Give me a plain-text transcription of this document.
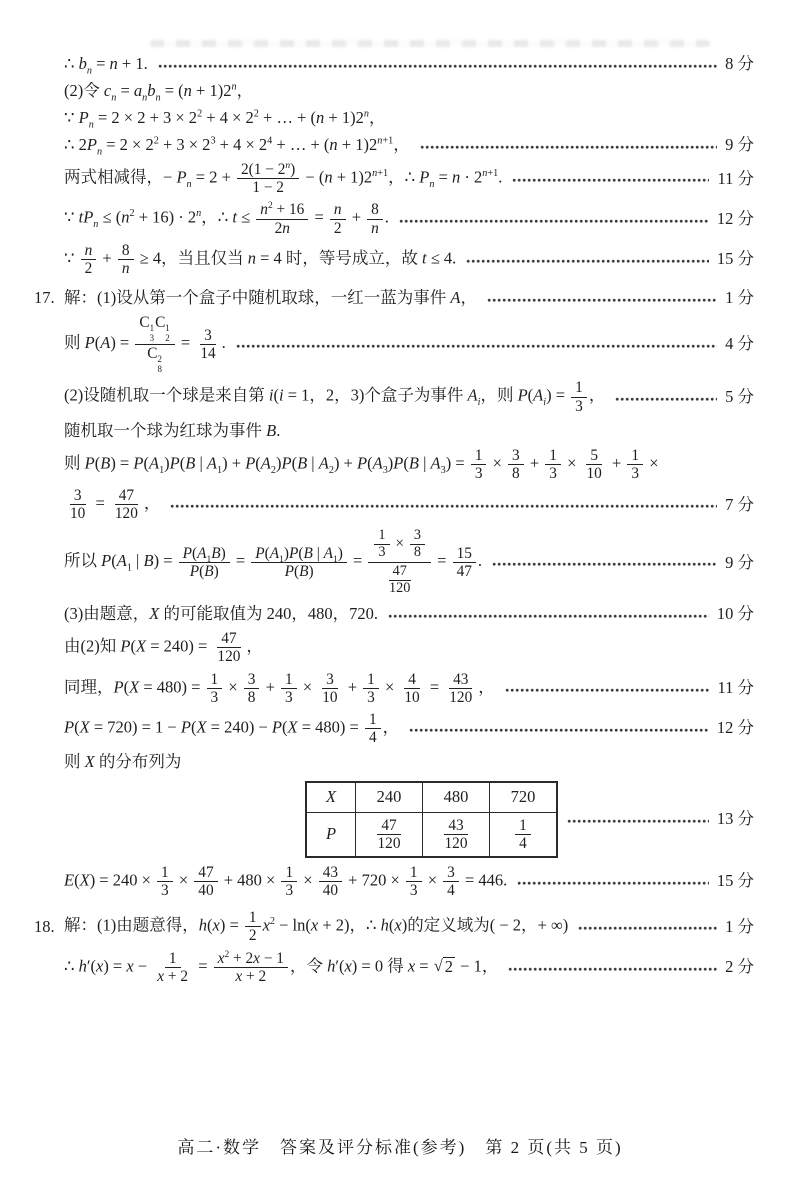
∴ $b_n = n + 1$.	8 分
(2)令 $c_n = a_nb_n = (n + 1)2^n$，
∵ $P_n = 2 \times 2 + 3 \times 2^2 + 4 \times 2^2$ + … + $(n + 1)2^n$，
∴ $2P_n = 2 \times 2^2 + 3 \times 2^3 + 4 \times 2^4$ + … + $(n + 1)2^{n+1}$，	9 分
两式相减得，− $P_n = 2 + \frac{2(1 - 2^n)}{1 - 2} - (n + 1)2^{n+1}$，∴ $P_n = n \cdot 2^{n+1}$.	11 分
∵ $tP_n \le (n^2 + 16) \cdot 2^n$，∴ $t \le \frac{n^2 + 16}{2n} = \frac{n}{2} + \frac{8}{n}$ .	12 分
∵ $\frac{n}{2} + \frac{8}{n} \ge 4$，当且仅当 n = 4 时，等号成立，故 t ≤ 4.	15 分
17. 解：(1)设从第一个盒子中随机取球，一红一蓝为事件 A，	1 分
则 P(A) = C 1
3
C 1
2
C 2
$8 = \frac{3}{14}$ .	4 分
(2)设随机取一个球是来自第 i(i = 1，2，3)个盒子为事件 $A_i$，则 $P(A_i) = \frac{1}{3}$ ，	5 分
随机取一个球为红球为事件 B.
则 $P(B) = P(A_1)P(B$ | $A_1) + P(A_2)P(B$ | $A_2) + P(A_3)P(B$ | $A_3) = \frac{1}{3} \times \frac{3}{8} + \frac{1}{3} \times \frac{5}{10} + \frac{1}{3}$ ×
$\frac{3}{10} = \frac{47}{120}$ ，	7 分
所以 $P(A_1$ | $B) = \frac{P(A_1B)}{P(B)} = \frac{P(A_1)P(B | A_1)}{P(B)} = \frac{\frac{1}{3} \times \frac{3}{8}}{\frac{47}{120}} = \frac{15}{47}$ .	9 分
(3)由题意，X 的可能取值为 240，480，720.	10 分
由(2)知 $P(X = 240) = \frac{47}{120}$ ，
同理，$P(X = 480) = \frac{1}{3} \times \frac{3}{8} + \frac{1}{3} \times \frac{3}{10} + \frac{1}{3} \times \frac{4}{10} = \frac{43}{120}$ ，	11 分
$P(X = 720) = 1 - P(X = 240) - P(X = 480) = \frac{1}{4}$ ，	12 分
则 X 的分布列为
X	240	480	720
P	$\frac{47}{120}$	$\frac{43}{120}$	$\frac{1}{4}$	13 分
$E(X) = 240 \times \frac{1}{3} \times \frac{47}{40} + 480 \times \frac{1}{3} \times \frac{43}{40} + 720 \times \frac{1}{3} \times \frac{3}{4} = 446$.	15 分
18. 解：(1)由题意得，$h(x) = \frac{1}{2} x^2 - \ln(x + 2)$，∴ h(x)的定义域为( − 2，+ ∞)	1 分
∴ $h'(x) = x - \frac{1}{x + 2} = \frac{x^2 + 2x - 1}{x + 2}$ ，令 h′(x) = 0 得 x = √ 2 − 1，	2 分
高二·数学　答案及评分标准(参考)　第 2 页(共 5 页)
